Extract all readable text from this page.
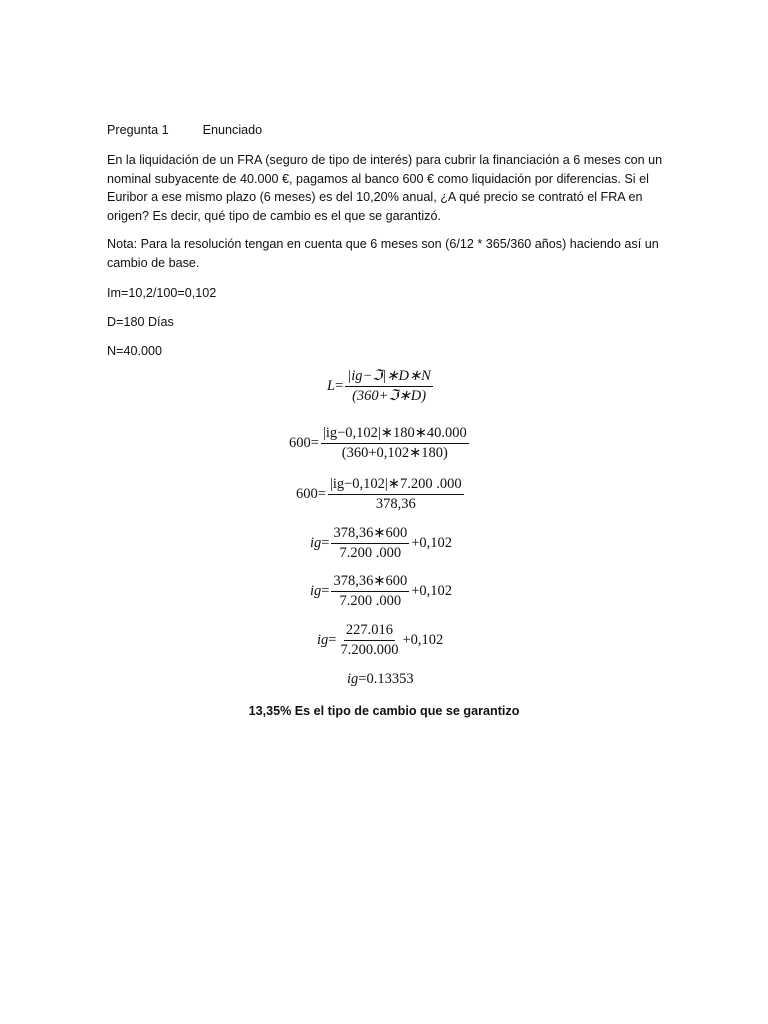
Pregunta 1	Enunciado
En la liquidación de un FRA (seguro de tipo de interés) para cubrir la financiación a 6 meses con un nominal subyacente de 40.000 €, pagamos al banco 600 € como liquidación por diferencias. Si el Euribor a ese mismo plazo (6 meses) es del 10,20% anual, ¿A qué precio se contrató el FRA en origen? Es decir, qué tipo de cambio es el que se garantizó.
Nota: Para la resolución tengan en cuenta que 6 meses son (6/12 * 365/360 años) haciendo así un cambio de base.
Im=10,2/100=0,102
D=180 Días
N=40.000
$L = \frac{\text{|ig−ℑ|∗D∗N}}{\text{(360+ℑ∗D)}}$
$600 = \frac{|ig-0,102|∗180∗40.000}{(360+0,102∗180)}$
$600 = \frac{|ig-0,102|∗7.200 .000}{378,36}$
ig = $\frac{378,36∗600}{7.200 .000} +0,102$
ig = $\frac{378,36∗600}{7.200 .000} +0,102$
ig = $\frac{227.016}{7.200.000} +0,102$
ig = 0.13353
13,35% Es el tipo de cambio que se garantizo
